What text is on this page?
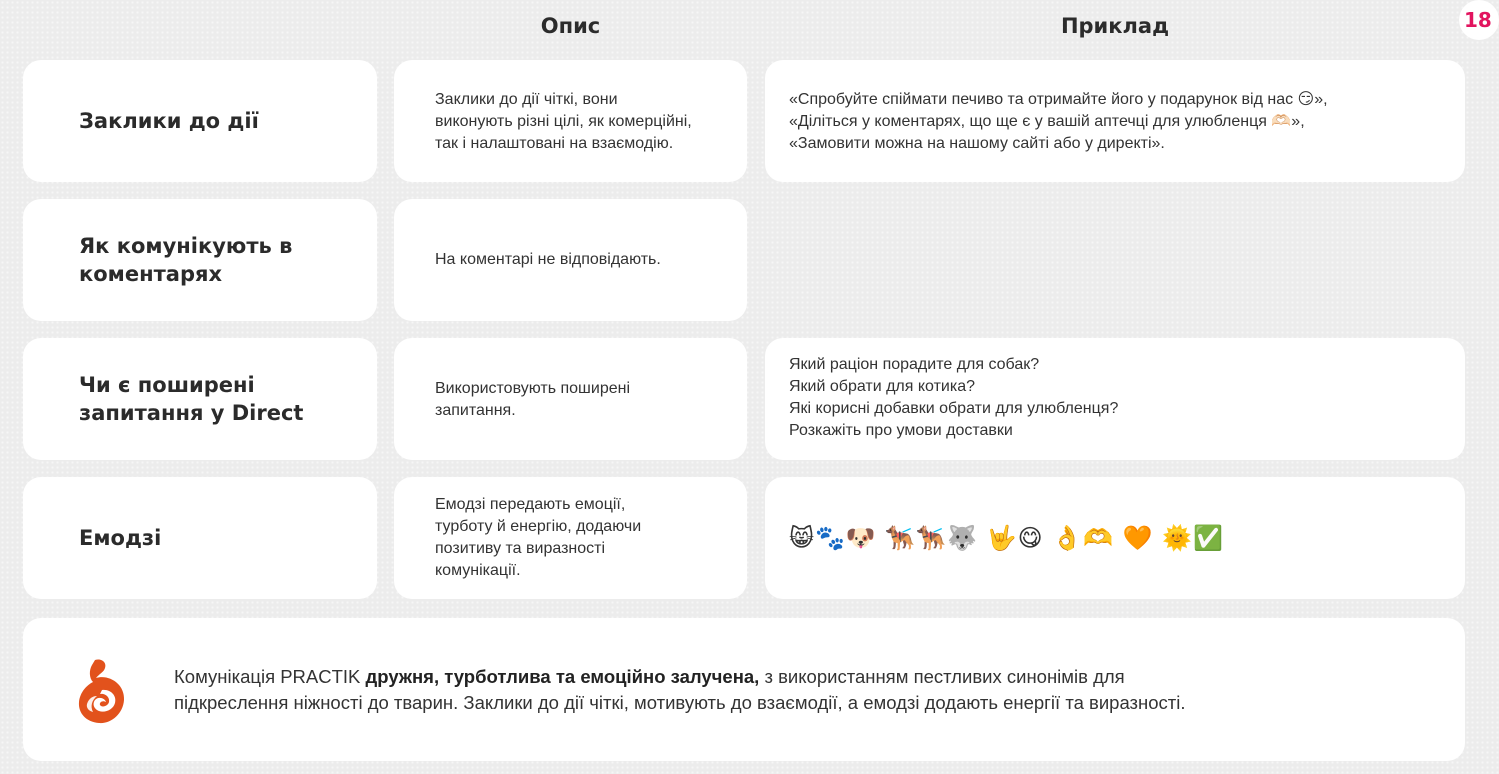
Опис	Приклад	18
Заклики до дії
Заклики до дії чіткі, вони
виконують різні цілі, як комерційні,
так і налаштовані на взаємодію.
«Спробуйте спіймати печиво та отримайте його у подарунок від нас 😏»,
«Діліться у коментарях, що ще є у вашій аптечці для улюбленця 🫶🏻»,
«Замовити можна на нашому сайті або у директі».
Як комунікують в коментарях
На коментарі не відповідають.
Чи є поширені запитання у Direct
Використовують поширені
запитання.
Який раціон порадите для собак?
Який обрати для котика?
Які корисні добавки обрати для улюбленця?
Розкажіть про умови доставки
Емодзі
Емодзі передають емоції,
турботу й енергію, додаючи
позитиву та виразності
комунікації.
😸🐾🐶 🐕‍🦺🐕‍🦺🐺 🤟😋 👌🫶 🧡 🌞✅
Комунікація PRACTIK дружня, турботлива та емоційно залучена, з використанням пестливих синонімів для
підкреслення ніжності до тварин. Заклики до дії чіткі, мотивують до взаємодії, а емодзі додають енергії та виразності.
